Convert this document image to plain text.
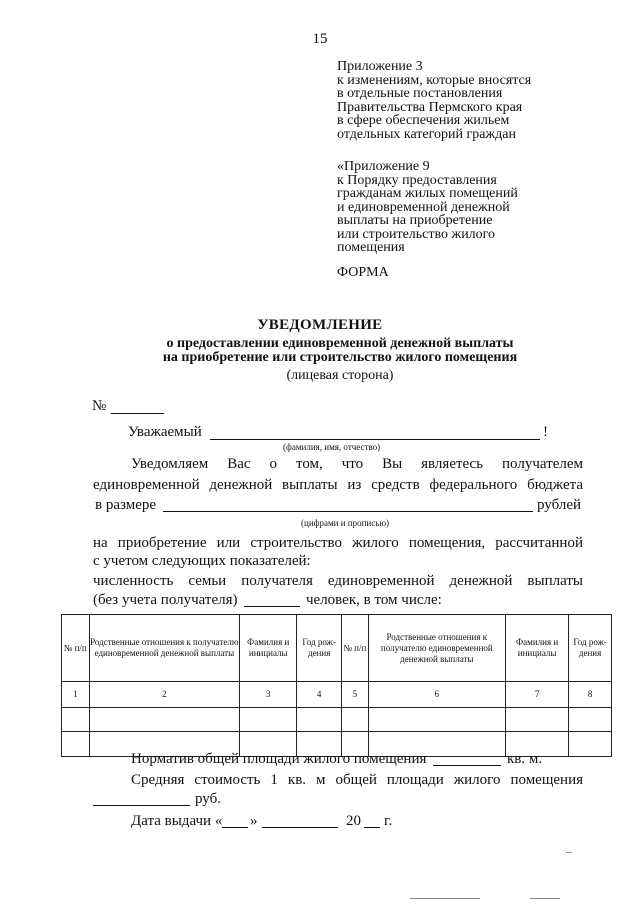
15
Приложение 3
к изменениям, которые вносятся
в отдельные постановления
Правительства Пермского края
в сфере обеспечения жильем
отдельных категорий граждан
«Приложение 9
к Порядку предоставления
гражданам жилых помещений
и единовременной денежной
выплаты на приобретение
или строительство жилого
помещения
ФОРМА
УВЕДОМЛЕНИЕ
о предоставлении единовременной денежной выплаты
на приобретение или строительство жилого помещения
(лицевая сторона)
№
Уважаемый	!
(фамилия, имя, отчество)
Уведомляем Вас о том, что Вы являетесь получателем
единовременной денежной выплаты из средств федерального бюджета
в размере	рублей
(цифрами и прописью)
на приобретение или строительство жилого помещения, рассчитанной
с учетом следующих показателей:
численность семьи получателя единовременной денежной выплаты
(без учета получателя)	человек, в том числе:
№ п/п	Родственные отношения к получателю единовременной денежной выплаты	Фамилия и инициалы	Год рож-дения	№ п/п	Родственные отношения к получателю единовременной денежной выплаты	Фамилия и инициалы	Год рож-дения
1	2	3	4	5	6	7	8

Норматив общей площади жилого помещения	кв. м.
Средняя стоимость 1 кв. м общей площади жилого помещения
руб.
Дата выдачи « »	20 г.
